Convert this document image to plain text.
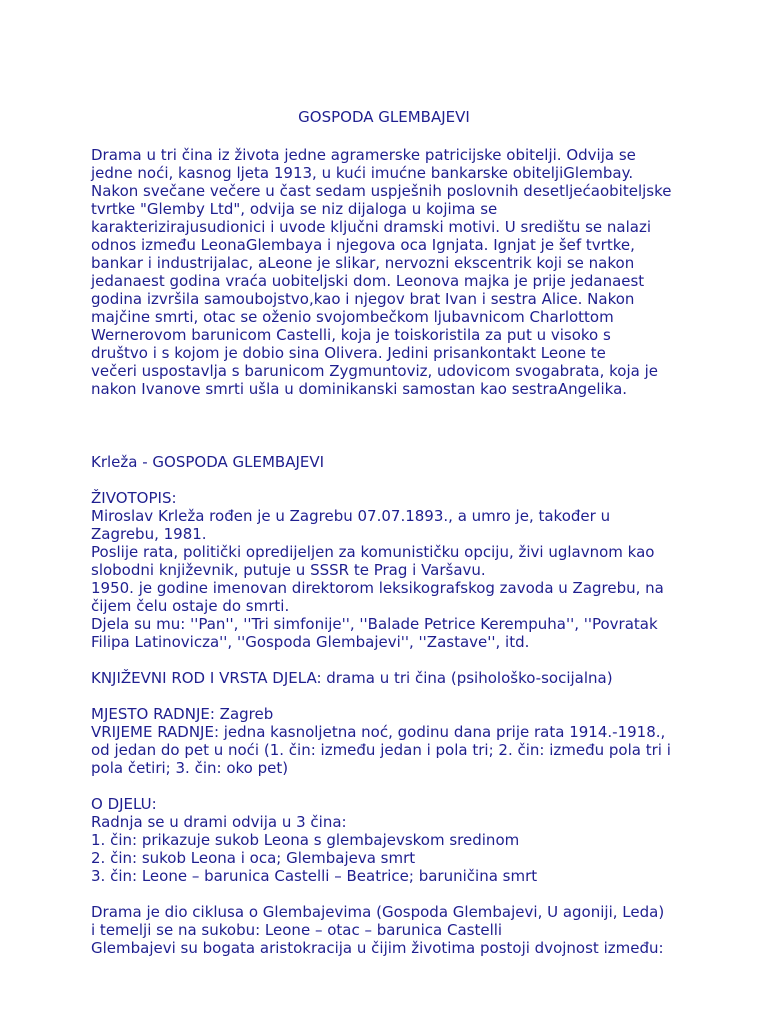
GOSPODA GLEMBAJEVI
Drama u tri činа iz života jedne agramerske patricijske obitelji. Odvija se
jedne noći, kasnog ljeta 1913, u kući imućne bankarske obiteljiGlembay.
Nakon svečane večere u čast sedam uspješnih poslovnih desetljećaobiteljske
tvrtke "Glemby Ltd", odvija se niz dijaloga u kojima se
karakterizirajusudionici i uvode ključni dramski motivi. U središtu se nalazi
odnos između LeonaGlembaya i njegova oca Ignjata. Ignjat je šef tvrtke,
bankar i industrijalac, aLeone je slikar, nervozni ekscentrik koji se nakon
jedanaest godina vraća uobiteljski dom. Leonova majka je prije jedanaest
godina izvršila samoubojstvo,kao i njegov brat Ivan i sestra Alice. Nakon
majčine smrti, otac se oženio svojombečkom ljubavnicom Charlottom
Wernerovom barunicom Castelli, koja je toiskoristila za put u visoko s
društvo i s kojom je dobio sina Olivera. Jedini prisankontakt Leone te
večeri uspostavlja s barunicom Zygmuntoviz, udovicom svogabrata, koja je
nakon Ivanove smrti ušla u dominikanski samostan kao sestraAngelika.
Krleža - GOSPODA GLEMBAJEVI
ŽIVOTOPIS:
Miroslav Krleža rođen je u Zagrebu 07.07.1893., a umro je, također u
Zagrebu, 1981.
Poslije rata, politički opredijeljen za komunističku opciju, živi uglavnom kao
slobodni književnik, putuje u SSSR te Prag i Varšavu.
1950. je godine imenovan direktorom leksikografskog zavoda u Zagrebu, na
čijem čelu ostaje do smrti.
Djela su mu: ''Pan'', ''Tri simfonije'', ''Balade Petrice Kerempuha'', ''Povratak
Filipa Latinovicza'', ''Gospoda Glembajevi'', ''Zastave'', itd.
KNJIŽEVNI ROD I VRSTA DJELA: drama u tri čina (psihološko-socijalna)
MJESTO RADNJE: Zagreb
VRIJEME RADNJE: jedna kasnoljetna noć, godinu dana prije rata 1914.-1918.,
od jedan do pet u noći (1. čin: između jedan i pola tri; 2. čin: između pola tri i
pola četiri; 3. čin: oko pet)
O DJELU:
Radnja se u drami odvija u 3 čina:
1. čin: prikazuje sukob Leona s glembajevskom sredinom
2. čin: sukob Leona i oca; Glembajeva smrt
3. čin: Leone – barunica Castelli – Beatrice; baruničina smrt
Drama je dio ciklusa o Glembajevima (Gospoda Glembajevi, U agoniji, Leda)
i temelji se na sukobu: Leone – otac – barunica Castelli
Glembajevi su bogata aristokracija u čijim životima postoji dvojnost između:
